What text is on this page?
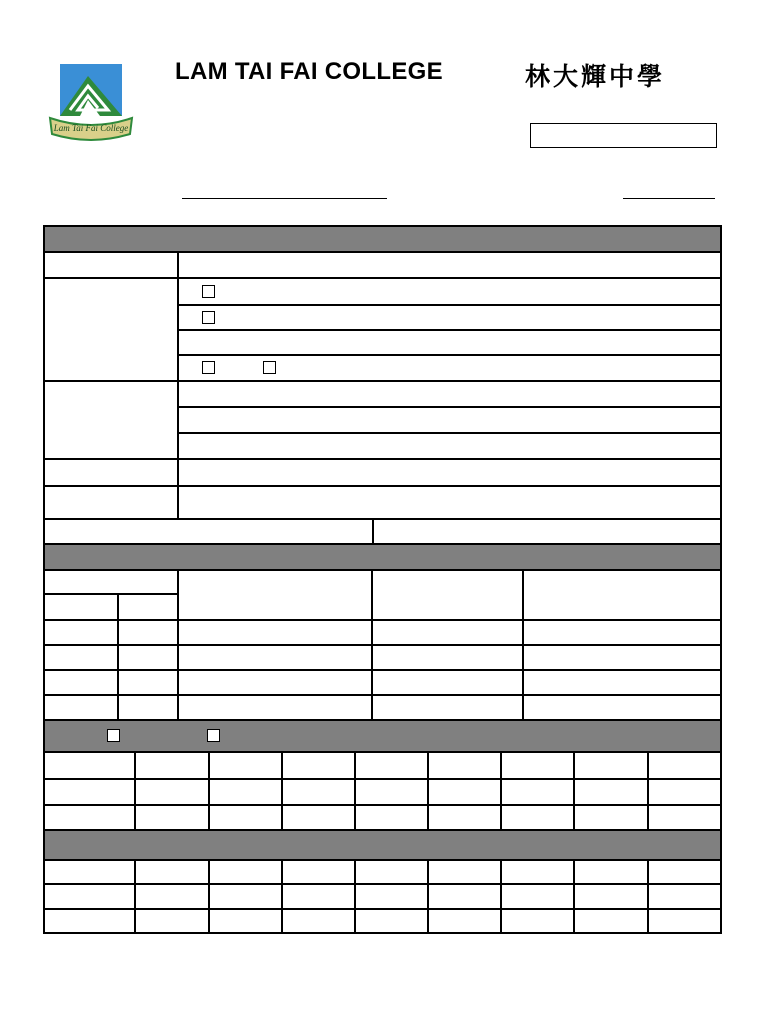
Lam Tai Fai College
LAM TAI FAI COLLEGE	林大輝中學
